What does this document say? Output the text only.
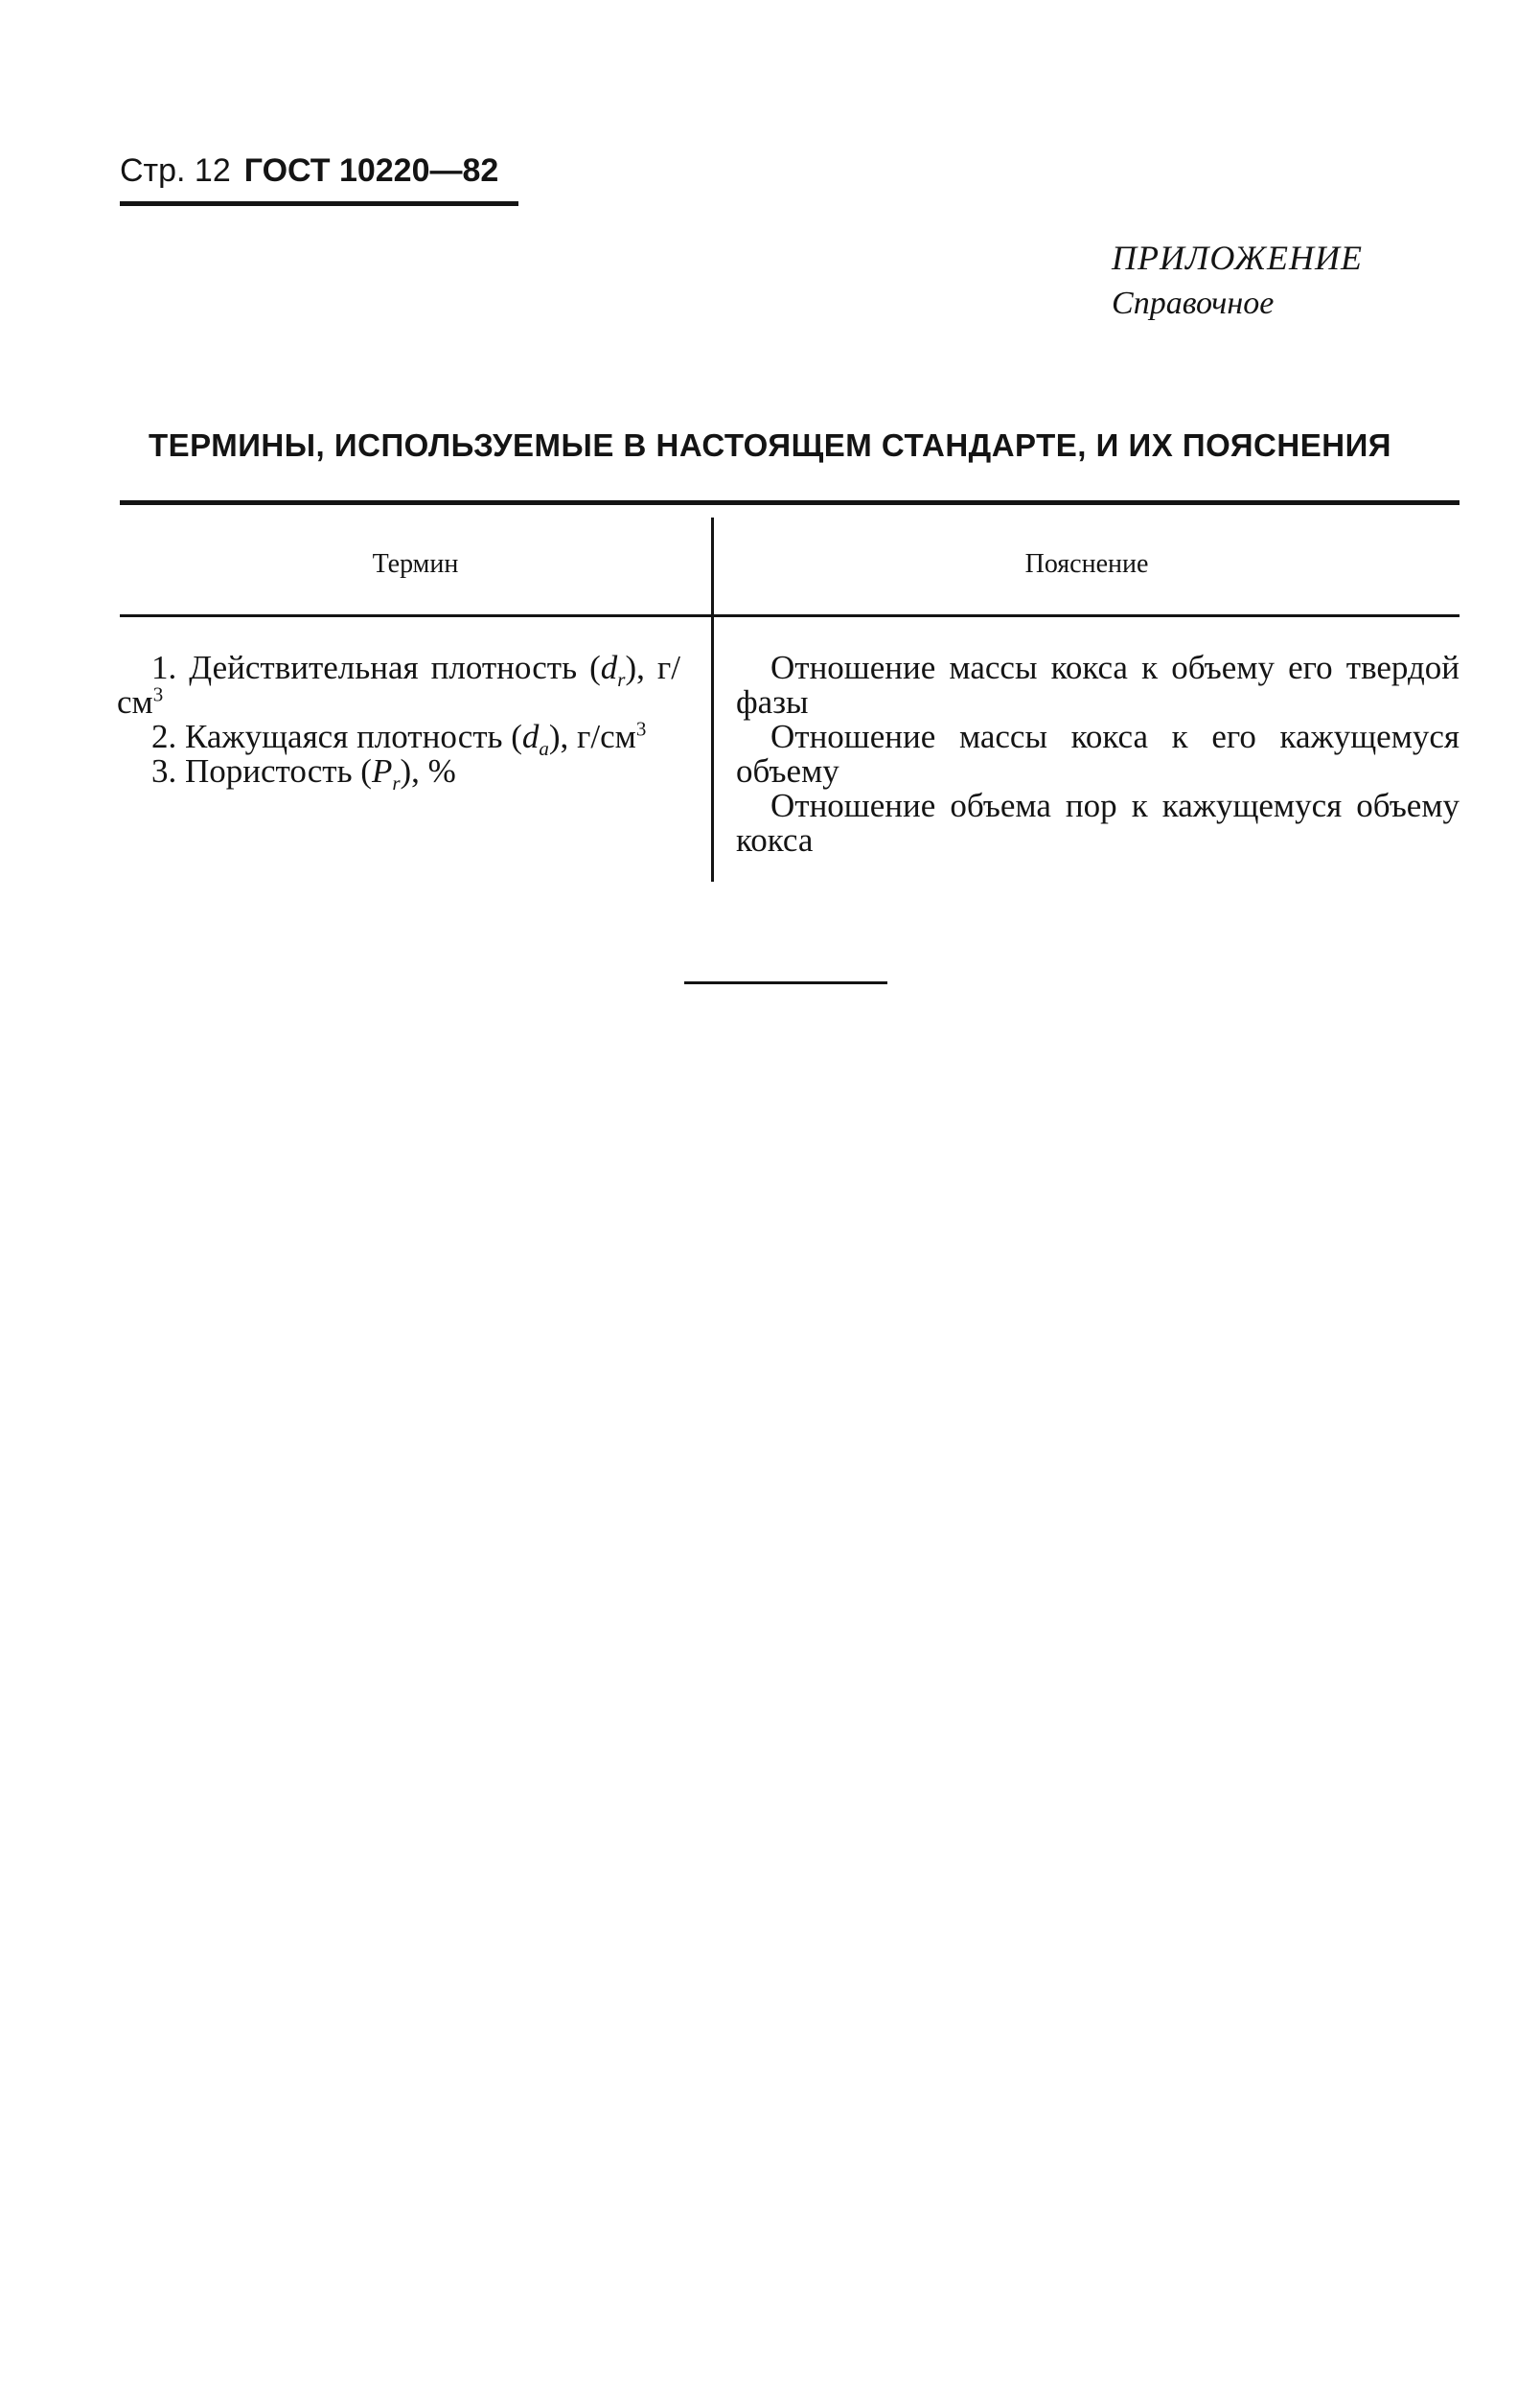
Стр. 12 ГОСТ 10220—82
ПРИЛОЖЕНИЕ
Справочное
ТЕРМИНЫ, ИСПОЛЬЗУЕМЫЕ В НАСТОЯЩЕМ СТАНДАРТЕ, И ИХ ПОЯСНЕНИЯ
Термин	Пояснение

1. Действительная плотность $(d_r)$, $г/см^3$

2. Кажущаяся плотность $(d_a)$, $г/см^3$

3. Пористость $(P_r)$, %

Отношение массы кокса к объему его твердой фазы

Отношение массы кокса к его кажущемуся объему

Отношение объема пор к кажущемуся объему кокса
